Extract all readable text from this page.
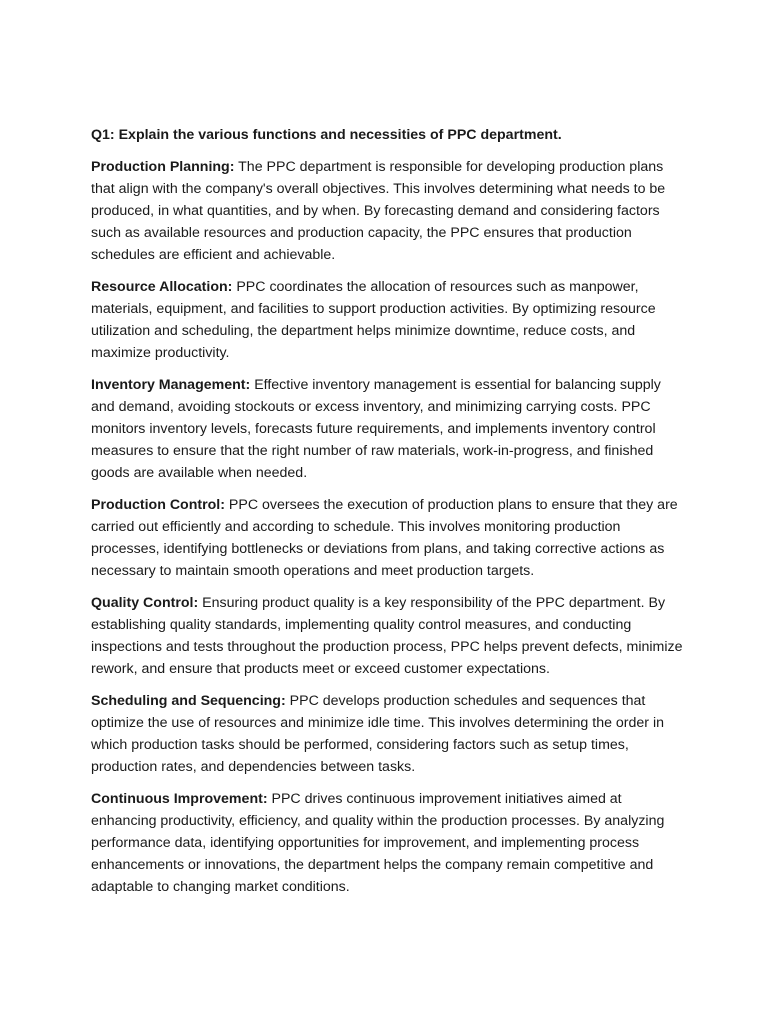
Q1: Explain the various functions and necessities of PPC department.

Production Planning: The PPC department is responsible for developing production plans that align with the company's overall objectives. This involves determining what needs to be produced, in what quantities, and by when. By forecasting demand and considering factors such as available resources and production capacity, the PPC ensures that production schedules are efficient and achievable.

Resource Allocation: PPC coordinates the allocation of resources such as manpower, materials, equipment, and facilities to support production activities. By optimizing resource utilization and scheduling, the department helps minimize downtime, reduce costs, and maximize productivity.

Inventory Management: Effective inventory management is essential for balancing supply and demand, avoiding stockouts or excess inventory, and minimizing carrying costs. PPC monitors inventory levels, forecasts future requirements, and implements inventory control measures to ensure that the right number of raw materials, work-in-progress, and finished goods are available when needed.

Production Control: PPC oversees the execution of production plans to ensure that they are carried out efficiently and according to schedule. This involves monitoring production processes, identifying bottlenecks or deviations from plans, and taking corrective actions as necessary to maintain smooth operations and meet production targets.

Quality Control: Ensuring product quality is a key responsibility of the PPC department. By establishing quality standards, implementing quality control measures, and conducting inspections and tests throughout the production process, PPC helps prevent defects, minimize rework, and ensure that products meet or exceed customer expectations.

Scheduling and Sequencing: PPC develops production schedules and sequences that optimize the use of resources and minimize idle time. This involves determining the order in which production tasks should be performed, considering factors such as setup times, production rates, and dependencies between tasks.

Continuous Improvement: PPC drives continuous improvement initiatives aimed at enhancing productivity, efficiency, and quality within the production processes. By analyzing performance data, identifying opportunities for improvement, and implementing process enhancements or innovations, the department helps the company remain competitive and adaptable to changing market conditions.
